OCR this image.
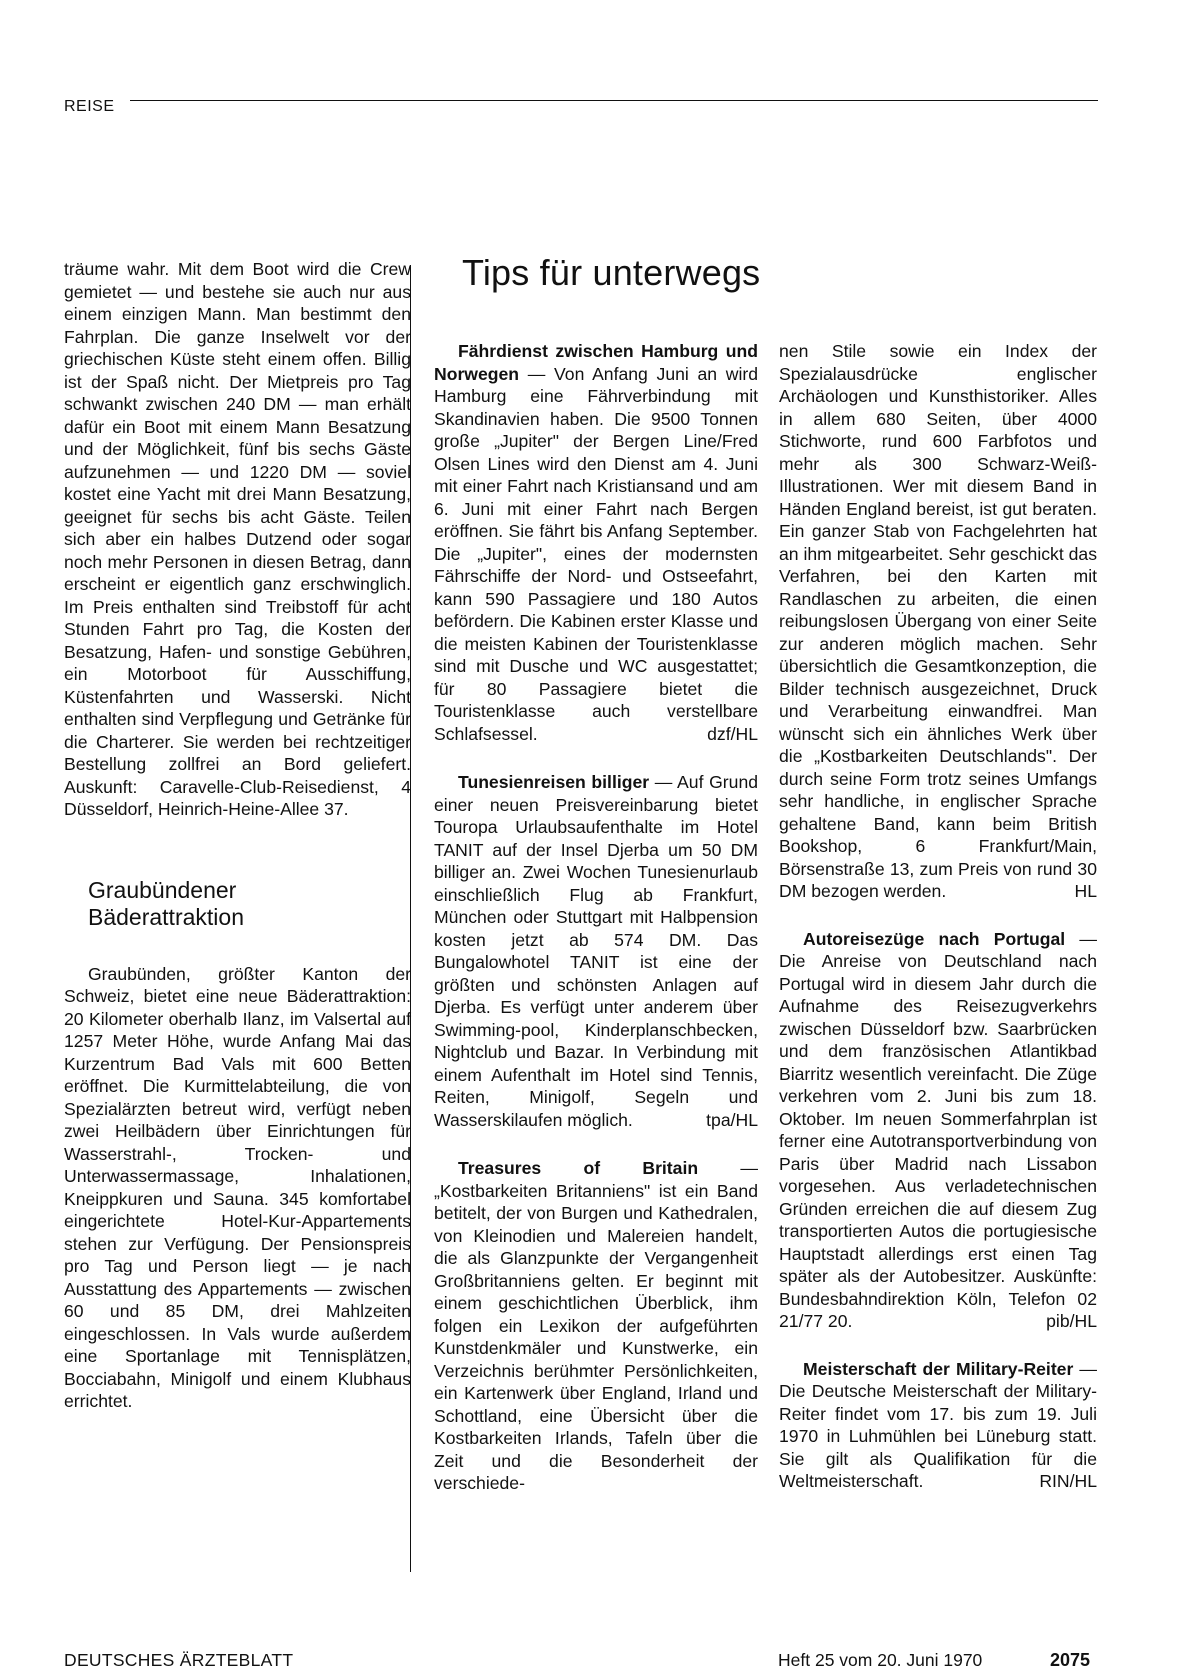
REISE
Tips für unterwegs

träume wahr. Mit dem Boot wird die Crew gemietet — und bestehe sie auch nur aus einem einzigen Mann. Man bestimmt den Fahrplan. Die ganze Inselwelt vor der griechischen Küste steht einem offen. Billig ist der Spaß nicht. Der Mietpreis pro Tag schwankt zwischen 240 DM — man erhält dafür ein Boot mit einem Mann Besatzung und der Möglichkeit, fünf bis sechs Gäste aufzunehmen — und 1220 DM — soviel kostet eine Yacht mit drei Mann Besatzung, geeignet für sechs bis acht Gäste. Teilen sich aber ein halbes Dutzend oder sogar noch mehr Personen in diesen Betrag, dann erscheint er eigentlich ganz erschwinglich. Im Preis enthalten sind Treibstoff für acht Stunden Fahrt pro Tag, die Kosten der Besatzung, Hafen- und sonstige Gebühren, ein Motorboot für Ausschiffung, Küstenfahrten und Wasserski. Nicht enthalten sind Verpflegung und Getränke für die Charterer. Sie werden bei rechtzeitiger Bestellung zollfrei an Bord geliefert. Auskunft: Caravelle-Club-Reisedienst, 4 Düsseldorf, Heinrich-Heine-Allee 37.

Graubündener
Bäderattraktion

Graubünden, größter Kanton der Schweiz, bietet eine neue Bäderattraktion: 20 Kilometer oberhalb Ilanz, im Valsertal auf 1257 Meter Höhe, wurde Anfang Mai das Kurzentrum Bad Vals mit 600 Betten eröffnet. Die Kurmittelabteilung, die von Spezialärzten betreut wird, verfügt neben zwei Heilbädern über Einrichtungen für Wasserstrahl-, Trocken- und Unterwassermassage, Inhalationen, Kneippkuren und Sauna. 345 komfortabel eingerichtete Hotel-Kur-Appartements stehen zur Verfügung. Der Pensionspreis pro Tag und Person liegt — je nach Ausstattung des Appartements — zwischen 60 und 85 DM, drei Mahlzeiten eingeschlossen. In Vals wurde außerdem eine Sportanlage mit Tennisplätzen, Bocciabahn, Minigolf und einem Klubhaus errichtet.

Fährdienst zwischen Hamburg und Norwegen — Von Anfang Juni an wird Hamburg eine Fährverbindung mit Skandinavien haben. Die 9500 Tonnen große „Jupiter" der Bergen Line/Fred Olsen Lines wird den Dienst am 4. Juni mit einer Fahrt nach Kristiansand und am 6. Juni mit einer Fahrt nach Bergen eröffnen. Sie fährt bis Anfang September. Die „Jupiter", eines der modernsten Fährschiffe der Nord- und Ostseefahrt, kann 590 Passagiere und 180 Autos befördern. Die Kabinen erster Klasse und die meisten Kabinen der Touristenklasse sind mit Dusche und WC ausgestattet; für 80 Passagiere bietet die Touristenklasse auch verstellbare Schlafsessel.	dzf/HL

Tunesienreisen billiger — Auf Grund einer neuen Preisvereinbarung bietet Touropa Urlaubsaufenthalte im Hotel TANIT auf der Insel Djerba um 50 DM billiger an. Zwei Wochen Tunesienurlaub einschließlich Flug ab Frankfurt, München oder Stuttgart mit Halbpension kosten jetzt ab 574 DM. Das Bungalowhotel TANIT ist eine der größten und schönsten Anlagen auf Djerba. Es verfügt unter anderem über Swimming-pool, Kinderplanschbecken, Nightclub und Bazar. In Verbindung mit einem Aufenthalt im Hotel sind Tennis, Reiten, Minigolf, Segeln und Wasserskilaufen möglich.	tpa/HL

Treasures of Britain — „Kostbarkeiten Britanniens" ist ein Band betitelt, der von Burgen und Kathedralen, von Kleinodien und Malereien handelt, die als Glanzpunkte der Vergangenheit Großbritanniens gelten. Er beginnt mit einem geschichtlichen Überblick, ihm folgen ein Lexikon der aufgeführten Kunstdenkmäler und Kunstwerke, ein Verzeichnis berühmter Persönlichkeiten, ein Kartenwerk über England, Irland und Schottland, eine Übersicht über die Kostbarkeiten Irlands, Tafeln über die Zeit und die Besonderheit der verschiede-

nen Stile sowie ein Index der Spezialausdrücke englischer Archäologen und Kunsthistoriker. Alles in allem 680 Seiten, über 4000 Stichworte, rund 600 Farbfotos und mehr als 300 Schwarz-Weiß-Illustrationen. Wer mit diesem Band in Händen England bereist, ist gut beraten. Ein ganzer Stab von Fachgelehrten hat an ihm mitgearbeitet. Sehr geschickt das Verfahren, bei den Karten mit Randlaschen zu arbeiten, die einen reibungslosen Übergang von einer Seite zur anderen möglich machen. Sehr übersichtlich die Gesamtkonzeption, die Bilder technisch ausgezeichnet, Druck und Verarbeitung einwandfrei. Man wünscht sich ein ähnliches Werk über die „Kostbarkeiten Deutschlands". Der durch seine Form trotz seines Umfangs sehr handliche, in englischer Sprache gehaltene Band, kann beim British Bookshop, 6 Frankfurt/Main, Börsenstraße 13, zum Preis von rund 30 DM bezogen werden.	HL

Autoreisezüge nach Portugal — Die Anreise von Deutschland nach Portugal wird in diesem Jahr durch die Aufnahme des Reisezugverkehrs zwischen Düsseldorf bzw. Saarbrücken und dem französischen Atlantikbad Biarritz wesentlich vereinfacht. Die Züge verkehren vom 2. Juni bis zum 18. Oktober. Im neuen Sommerfahrplan ist ferner eine Autotransportverbindung von Paris über Madrid nach Lissabon vorgesehen. Aus verladetechnischen Gründen erreichen die auf diesem Zug transportierten Autos die portugiesische Hauptstadt allerdings erst einen Tag später als der Autobesitzer. Auskünfte: Bundesbahndirektion Köln, Telefon 02 21/77 20.	pib/HL

Meisterschaft der Military-Reiter — Die Deutsche Meisterschaft der Military-Reiter findet vom 17. bis zum 19. Juli 1970 in Luhmühlen bei Lüneburg statt. Sie gilt als Qualifikation für die Weltmeisterschaft.	RIN/HL

DEUTSCHES ÄRZTEBLATT	Heft 25 vom 20. Juni 1970	2075
